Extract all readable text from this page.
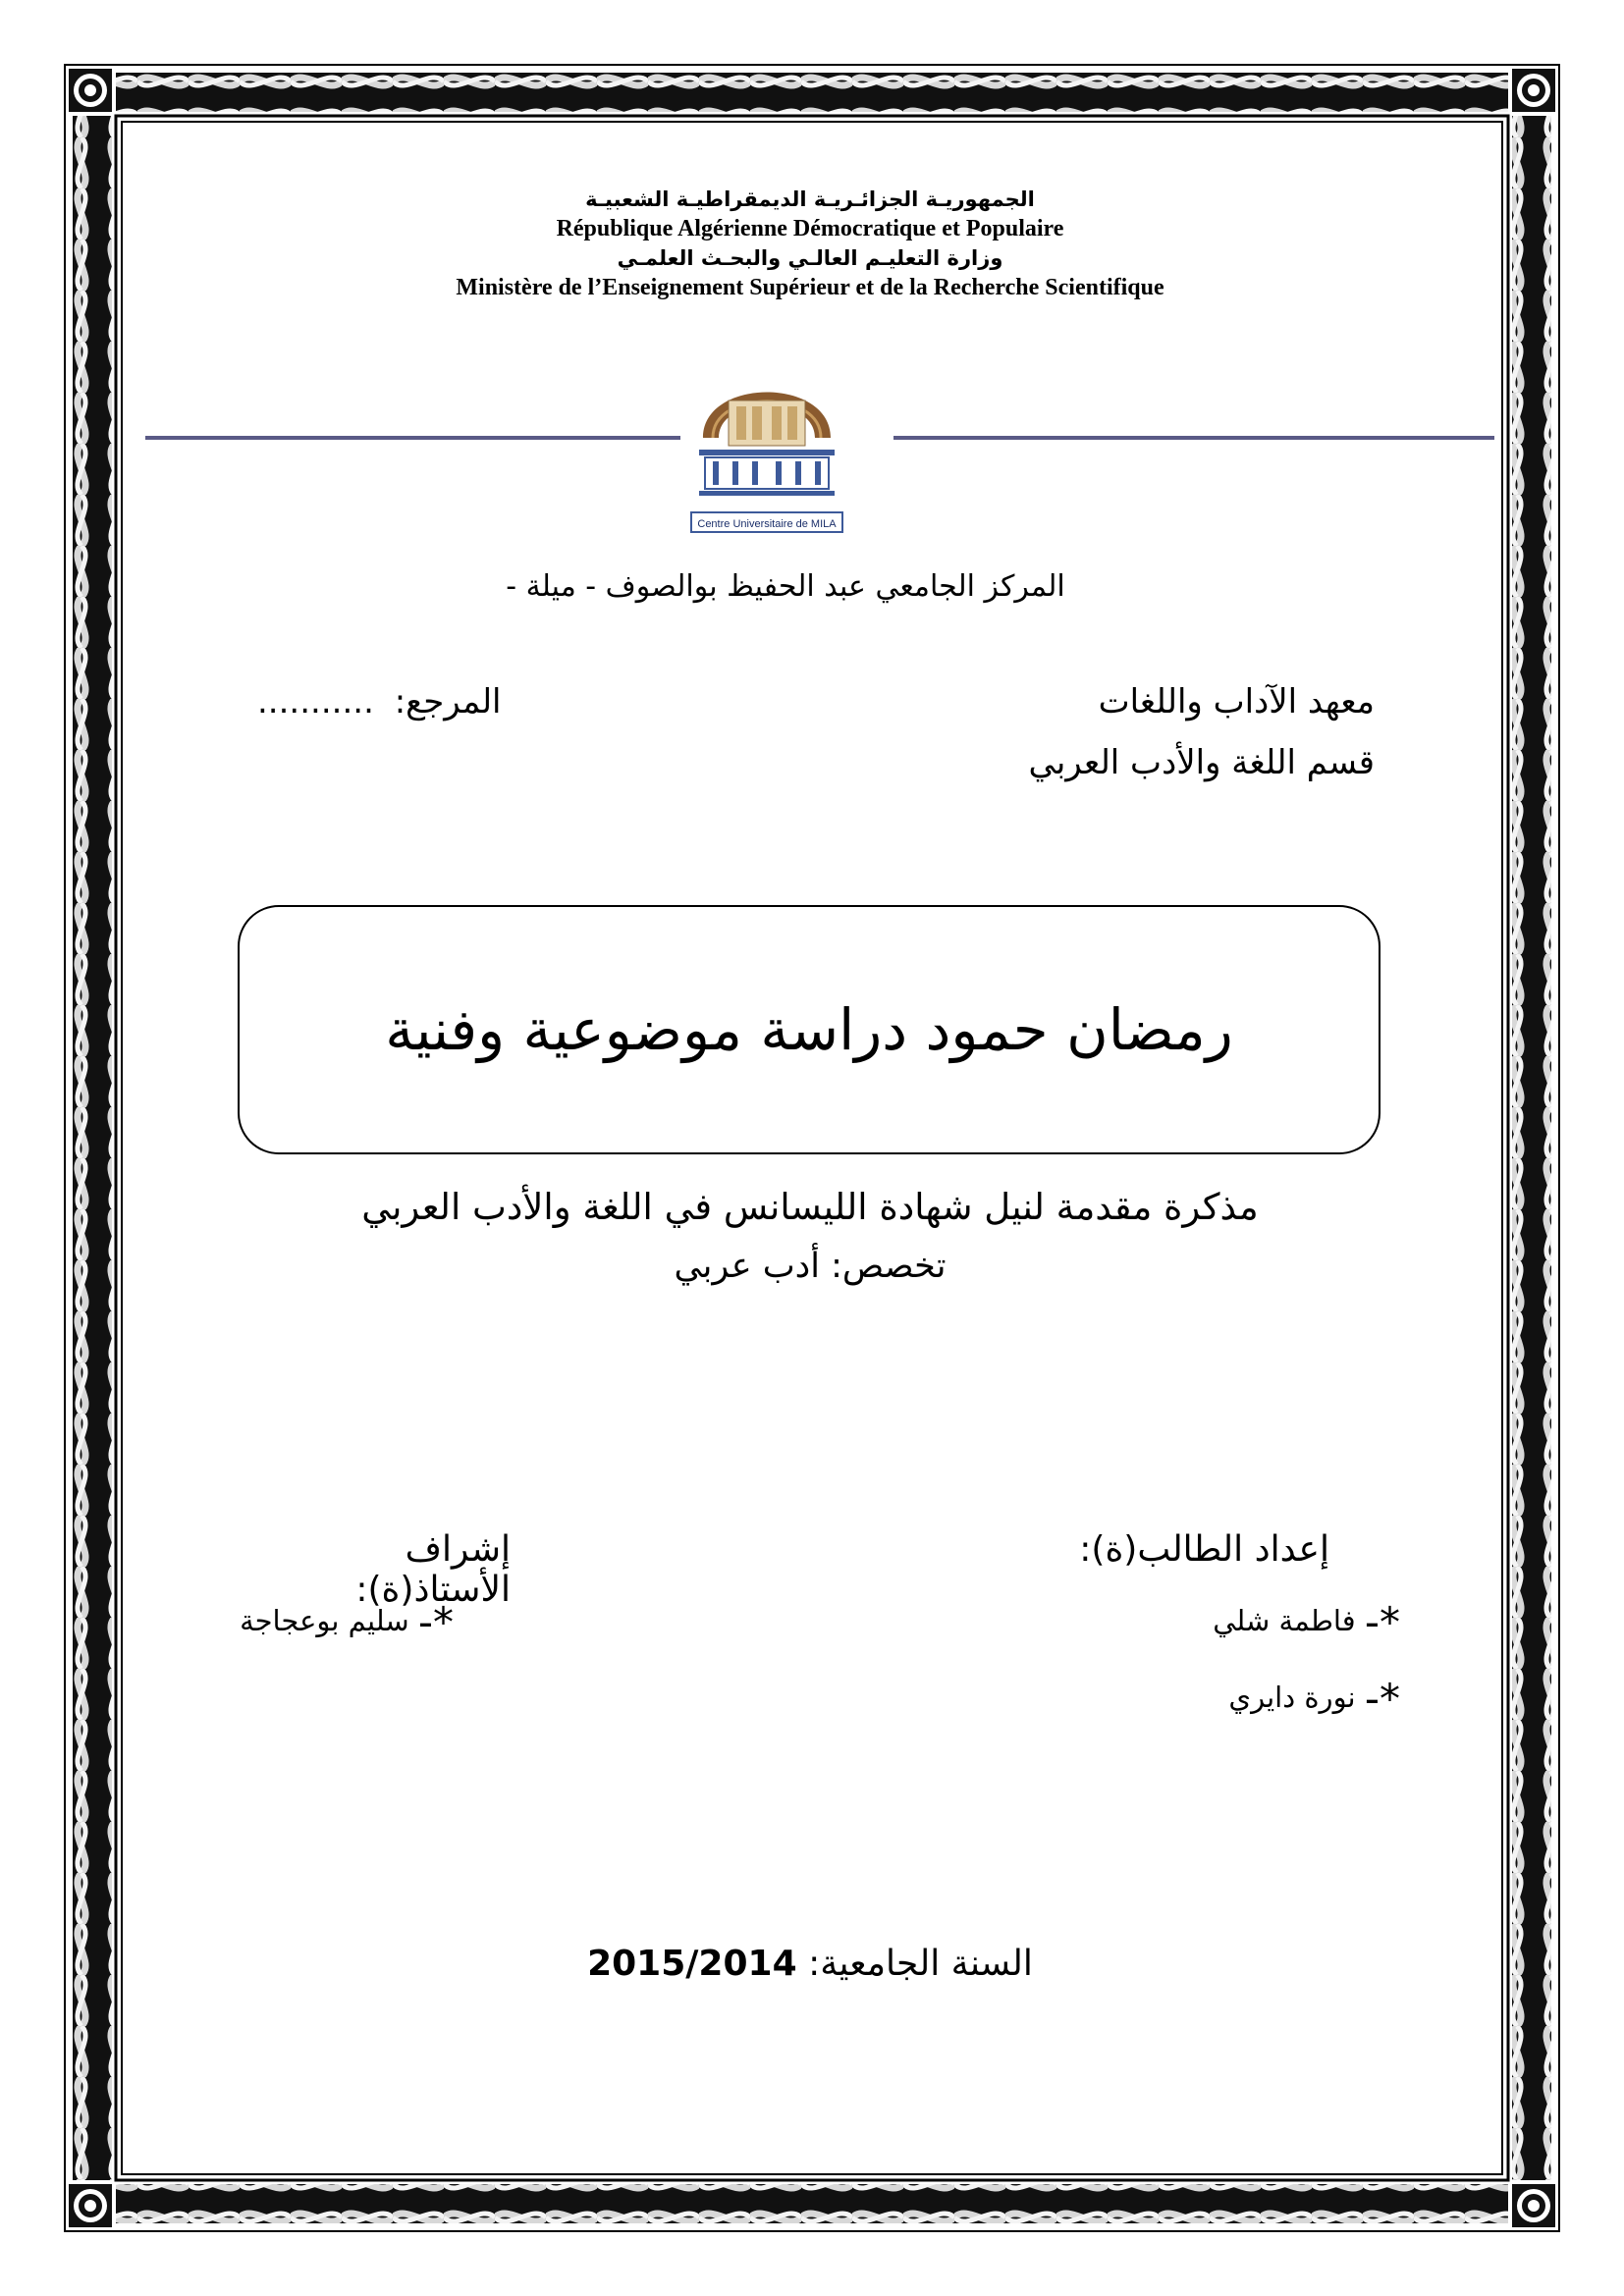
الجمهوريـة الجزائـريـة الديمقراطيـة الشعبيـة
République Algérienne Démocratique et Populaire
وزارة التعليـم العالـي والبحـث العلمـي
Ministère de l’Enseignement Supérieur et de la Recherche Scientifique
Centre Universitaire de MILA
المركز الجامعي عبد الحفيظ بوالصوف - ميلة -
معهد الآداب واللغات
قسم اللغة والأدب العربي
المرجع: ...........
رمضان حمود دراسة موضوعية وفنية
مذكرة مقدمة لنيل شهادة الليسانس في اللغة والأدب العربي
تخصص: أدب عربي
إعداد الطالب(ة):
إشراف الأستاذ(ة):
*- فاطمة شلي
*- نورة دايري
*- سليم بوعجاجة
السنة الجامعية: 2015/2014
